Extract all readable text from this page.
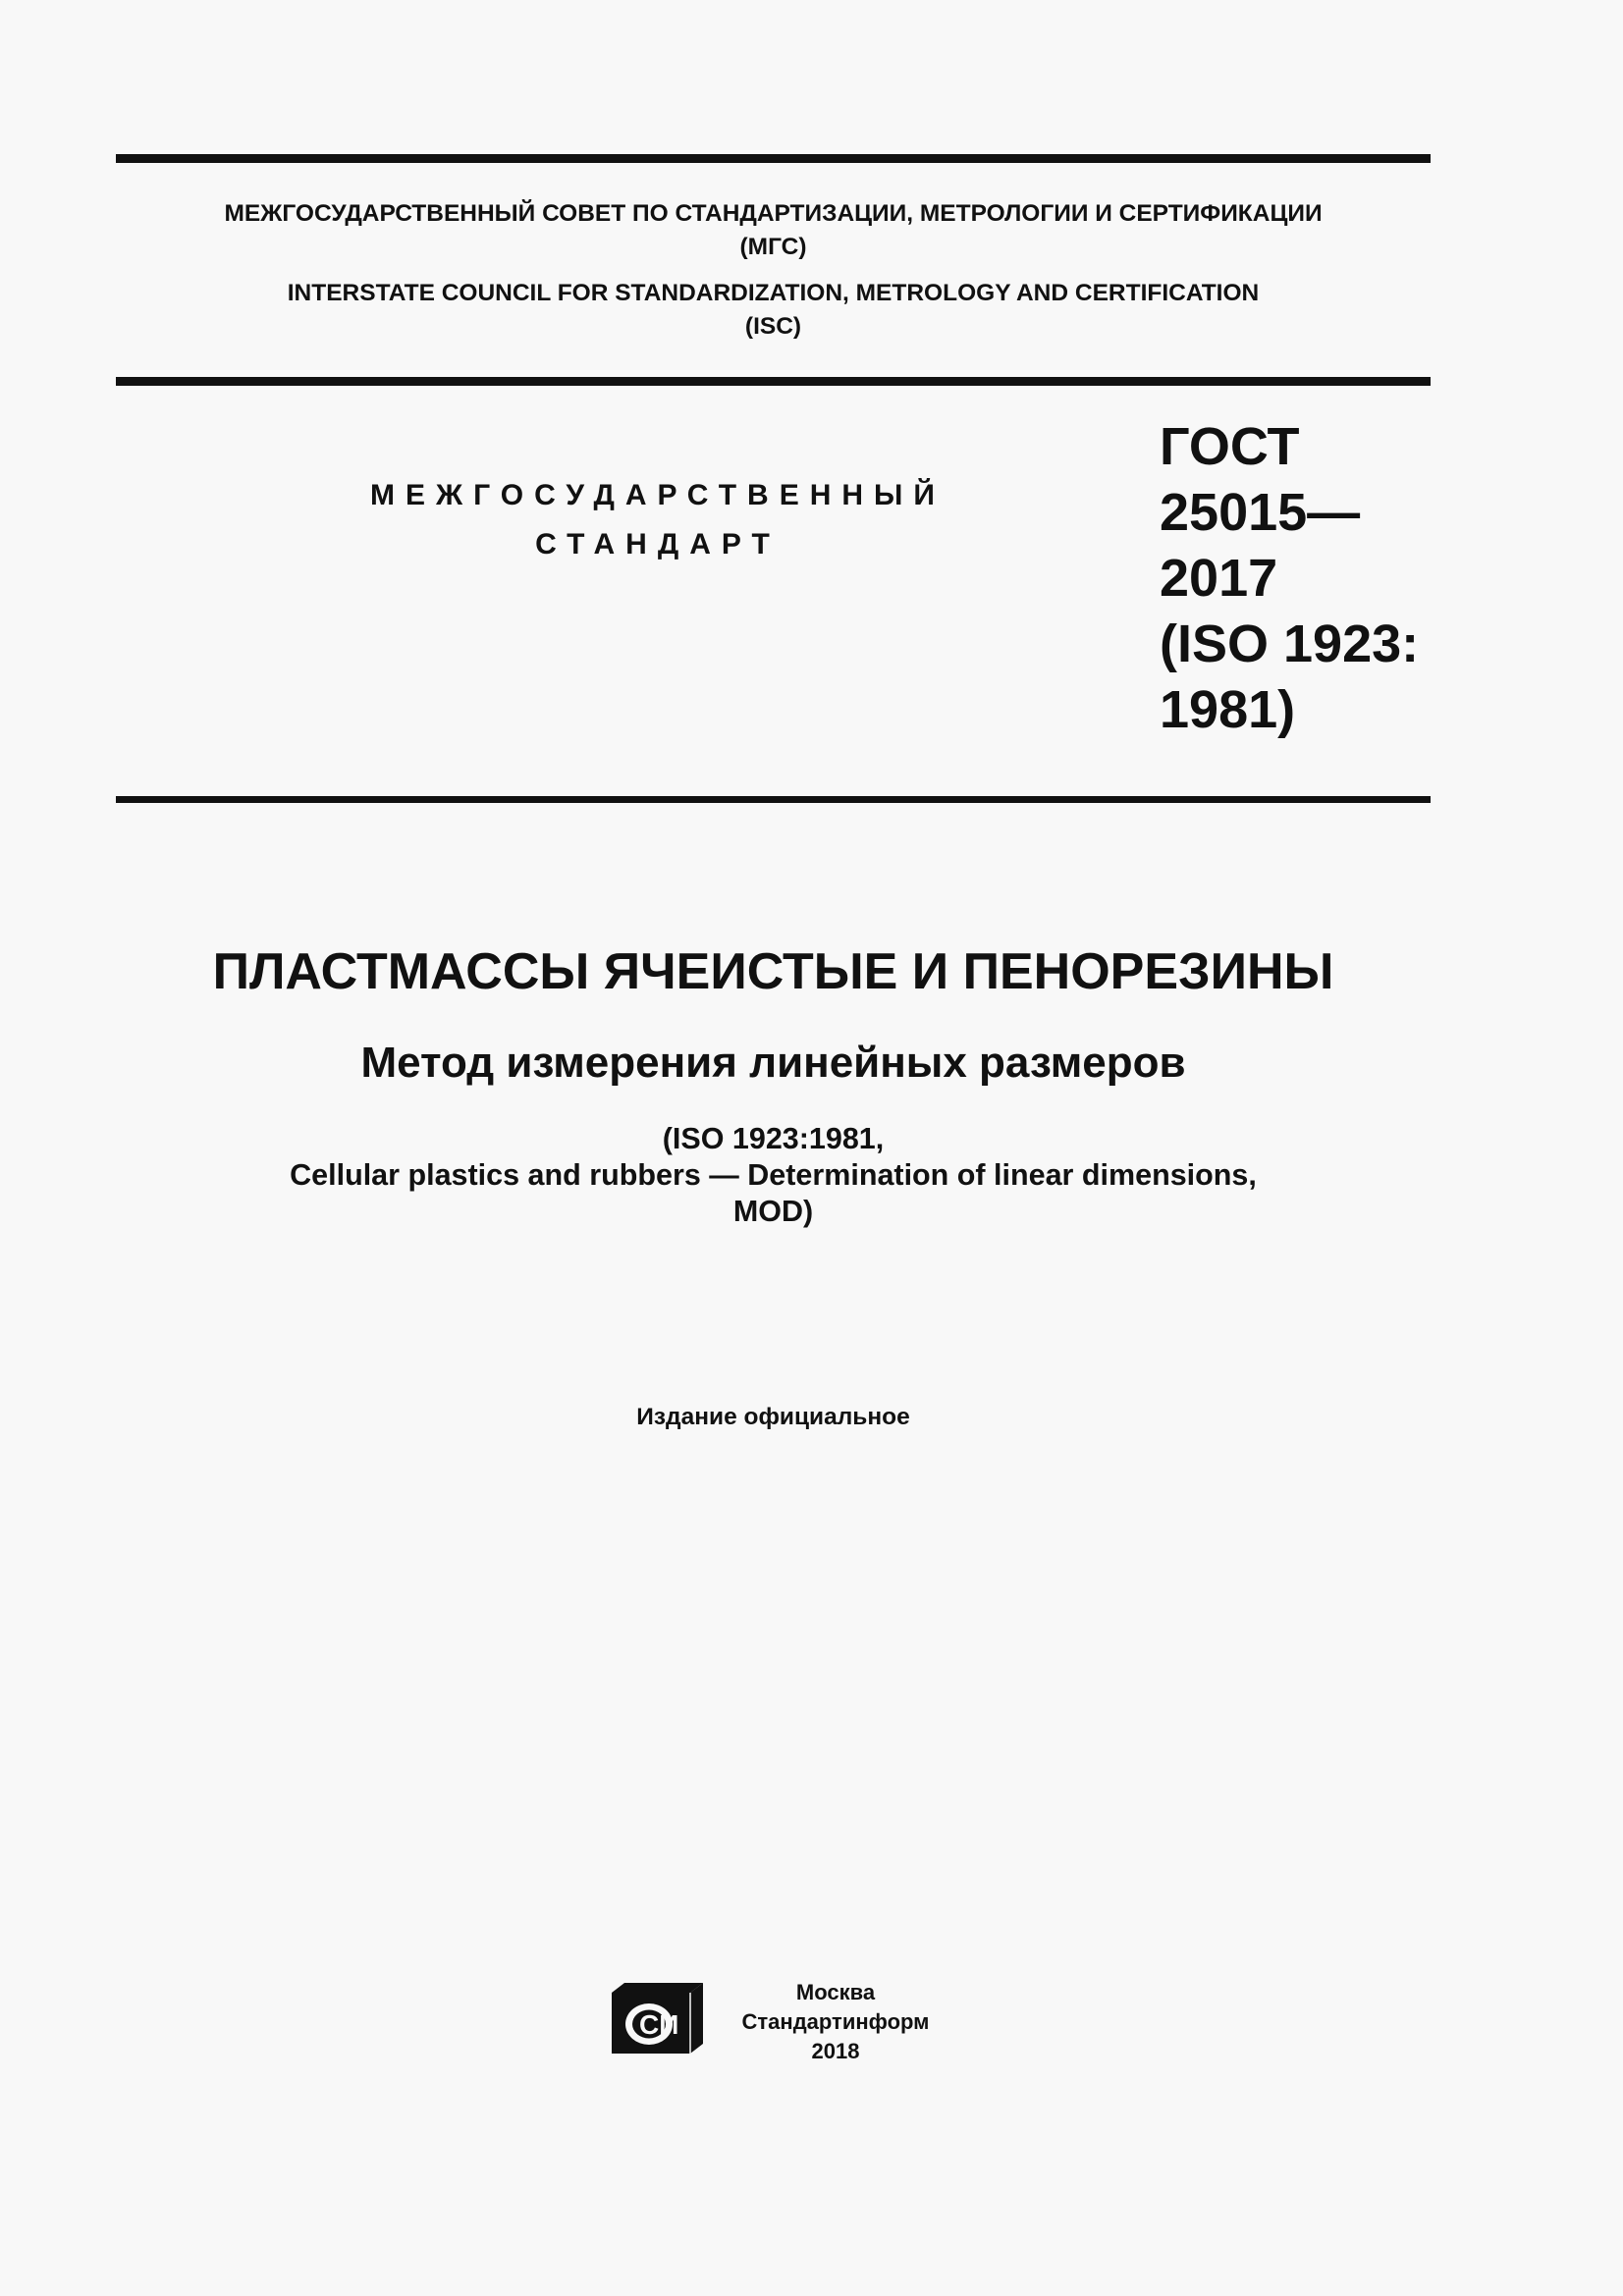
МЕЖГОСУДАРСТВЕННЫЙ СОВЕТ ПО СТАНДАРТИЗАЦИИ, МЕТРОЛОГИИ И СЕРТИФИКАЦИИ
(МГС)
INTERSTATE COUNCIL FOR STANDARDIZATION, METROLOGY AND CERTIFICATION
(ISC)
МЕЖГОСУДАРСТВЕННЫЙ
СТАНДАРТ
ГОСТ
25015—
2017
(ISO 1923:
1981)
ПЛАСТМАССЫ ЯЧЕИСТЫЕ И ПЕНОРЕЗИНЫ
Метод измерения линейных размеров
(ISO 1923:1981,
Cellular plastics and rubbers — Determination of linear dimensions,
MOD)
Издание официальное
СИ
Москва
Стандартинформ
2018
